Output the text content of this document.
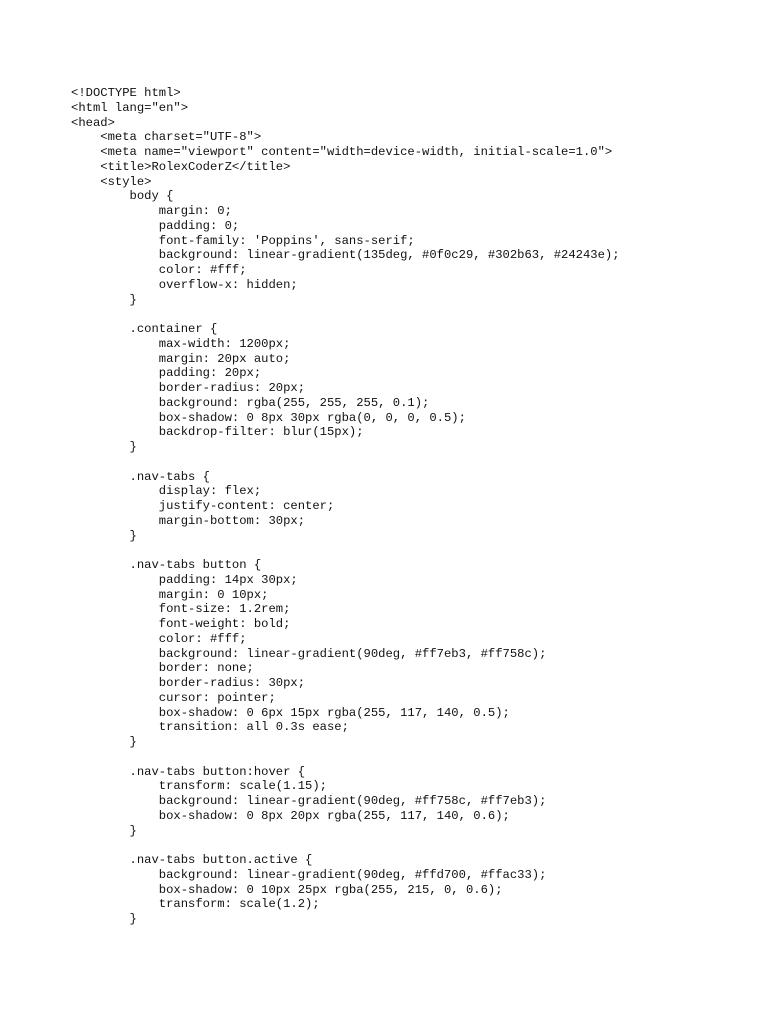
<!DOCTYPE html>
<html lang="en">
<head>
<meta charset="UTF-8">
<meta name="viewport" content="width=device-width, initial-scale=1.0">
<title>RolexCoderZ</title>
<style>
body {
margin: 0;
padding: 0;
font-family: 'Poppins', sans-serif;
background: linear-gradient(135deg, #0f0c29, #302b63, #24243e);
color: #fff;
overflow-x: hidden;
}
.container {
max-width: 1200px;
margin: 20px auto;
padding: 20px;
border-radius: 20px;
background: rgba(255, 255, 255, 0.1);
box-shadow: 0 8px 30px rgba(0, 0, 0, 0.5);
backdrop-filter: blur(15px);
}
.nav-tabs {
display: flex;
justify-content: center;
margin-bottom: 30px;
}
.nav-tabs button {
padding: 14px 30px;
margin: 0 10px;
font-size: 1.2rem;
font-weight: bold;
color: #fff;
background: linear-gradient(90deg, #ff7eb3, #ff758c);
border: none;
border-radius: 30px;
cursor: pointer;
box-shadow: 0 6px 15px rgba(255, 117, 140, 0.5);
transition: all 0.3s ease;
}
.nav-tabs button:hover {
transform: scale(1.15);
background: linear-gradient(90deg, #ff758c, #ff7eb3);
box-shadow: 0 8px 20px rgba(255, 117, 140, 0.6);
}
.nav-tabs button.active {
background: linear-gradient(90deg, #ffd700, #ffac33);
box-shadow: 0 10px 25px rgba(255, 215, 0, 0.6);
transform: scale(1.2);
}
